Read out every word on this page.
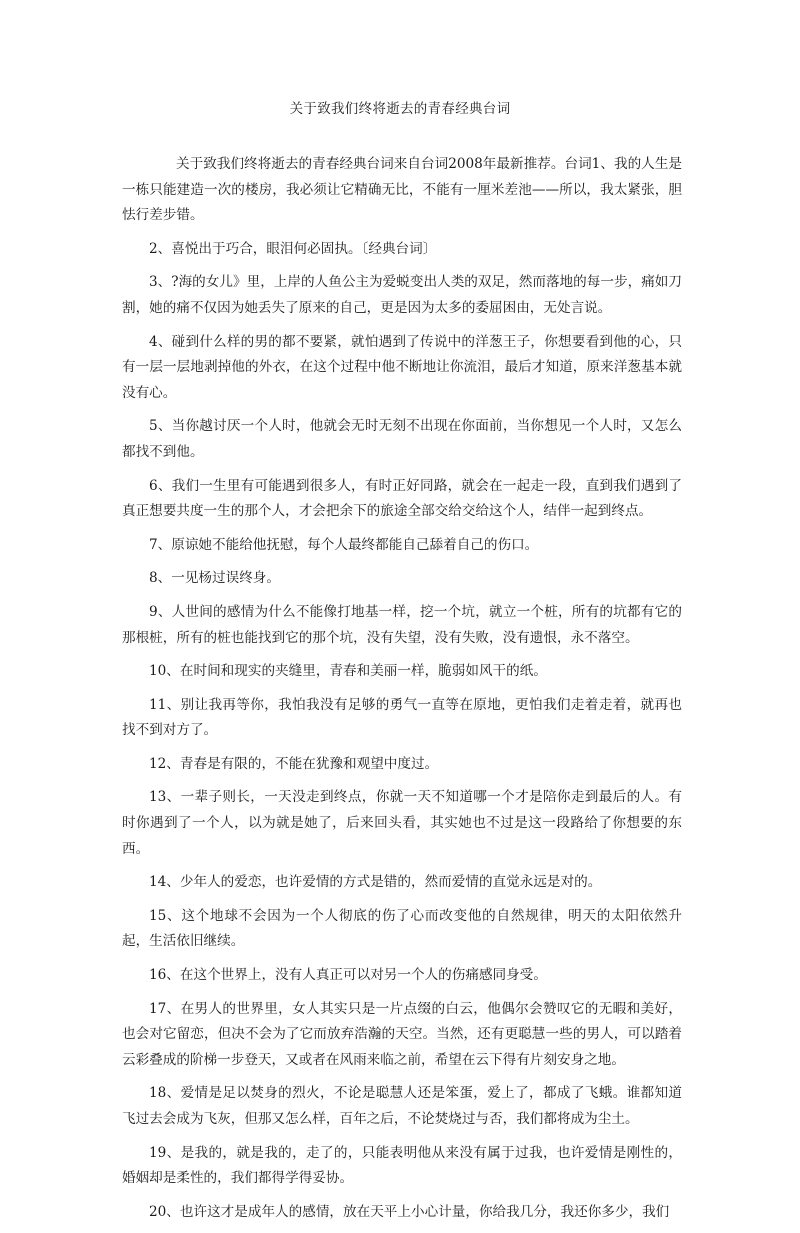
关于致我们终将逝去的青春经典台词

关于致我们终将逝去的青春经典台词来自台词2008年最新推荐。台词1、我的人生是一栋只能建造一次的楼房，我必须让它精确无比，不能有一厘米差池——所以，我太紧张，胆怯行差步错。

2、喜悦出于巧合，眼泪何必固执。〔经典台词〕

3、?海的女儿》里，上岸的人鱼公主为爱蜕变出人类的双足，然而落地的每一步，痛如刀割，她的痛不仅因为她丢失了原来的自己，更是因为太多的委屈困由，无处言说。

4、碰到什么样的男的都不要紧，就怕遇到了传说中的洋葱王子，你想要看到他的心，只有一层一层地剥掉他的外衣，在这个过程中他不断地让你流泪，最后才知道，原来洋葱基本就没有心。

5、当你越讨厌一个人时，他就会无时无刻不出现在你面前，当你想见一个人时，又怎么都找不到他。

6、我们一生里有可能遇到很多人，有时正好同路，就会在一起走一段，直到我们遇到了真正想要共度一生的那个人，才会把余下的旅途全部交给交给这个人，结伴一起到终点。

7、原谅她不能给他抚慰，每个人最终都能自己舔着自己的伤口。

8、一见杨过误终身。

9、人世间的感情为什么不能像打地基一样，挖一个坑，就立一个桩，所有的坑都有它的那根桩，所有的桩也能找到它的那个坑，没有失望，没有失败，没有遗恨，永不落空。

10、在时间和现实的夹缝里，青春和美丽一样，脆弱如风干的纸。

11、别让我再等你，我怕我没有足够的勇气一直等在原地，更怕我们走着走着，就再也找不到对方了。

12、青春是有限的，不能在犹豫和观望中度过。

13、一辈子则长，一天没走到终点，你就一天不知道哪一个才是陪你走到最后的人。有时你遇到了一个人，以为就是她了，后来回头看，其实她也不过是这一段路给了你想要的东西。

14、少年人的爱恋，也许爱情的方式是错的，然而爱情的直觉永远是对的。

15、这个地球不会因为一个人彻底的伤了心而改变他的自然规律，明天的太阳依然升起，生活依旧继续。

16、在这个世界上，没有人真正可以对另一个人的伤痛感同身受。

17、在男人的世界里，女人其实只是一片点缀的白云，他偶尔会赞叹它的无暇和美好，也会对它留恋，但决不会为了它而放弃浩瀚的天空。当然，还有更聪慧一些的男人，可以踏着云彩叠成的阶梯一步登天，又或者在风雨来临之前，希望在云下得有片刻安身之地。

18、爱情是足以焚身的烈火，不论是聪慧人还是笨蛋，爱上了，都成了飞蛾。谁都知道飞过去会成为飞灰，但那又怎么样，百年之后，不论焚烧过与否，我们都将成为尘土。

19、是我的，就是我的，走了的，只能表明他从来没有属于过我，也许爱情是刚性的，婚姻却是柔性的，我们都得学得妥协。

20、也许这才是成年人的感情，放在天平上小心计量，你给我几分，我还你多少，我们
